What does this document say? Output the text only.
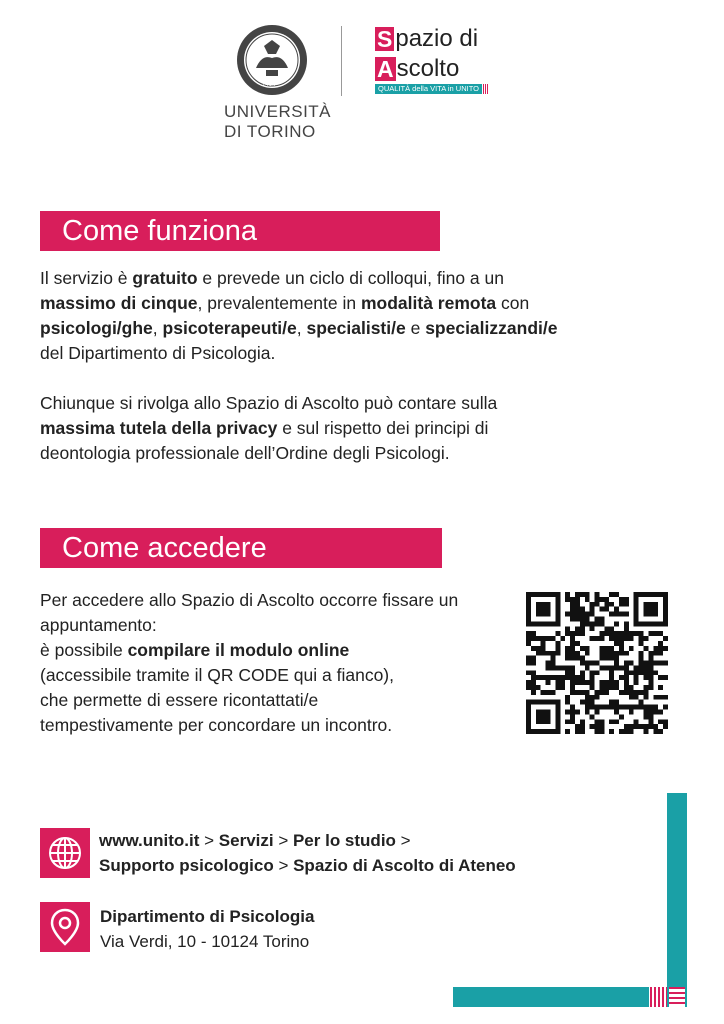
1404
UNIVERSITÀ
DI TORINO
S pazio di
A scolto
QUALITÀ della VITA in UNITO
Come funziona
Il servizio è gratuito e prevede un ciclo di colloqui, fino a un massimo di cinque, prevalentemente in modalità remota con psicologi/ghe, psicoterapeuti/e, specialisti/e e specializzandi/e del Dipartimento di Psicologia.
Chiunque si rivolga allo Spazio di Ascolto può contare sulla massima tutela della privacy e sul rispetto dei principi di deontologia professionale dell’Ordine degli Psicologi.
Come accedere
Per accedere allo Spazio di Ascolto occorre fissare un appuntamento:
è possibile compilare il modulo online
(accessibile tramite il QR CODE qui a fianco),
che permette di essere ricontattati/e
tempestivamente per concordare un incontro.
www.unito.it > Servizi > Per lo studio >
Supporto psicologico > Spazio di Ascolto di Ateneo
Dipartimento di Psicologia
Via Verdi, 10 - 10124 Torino
